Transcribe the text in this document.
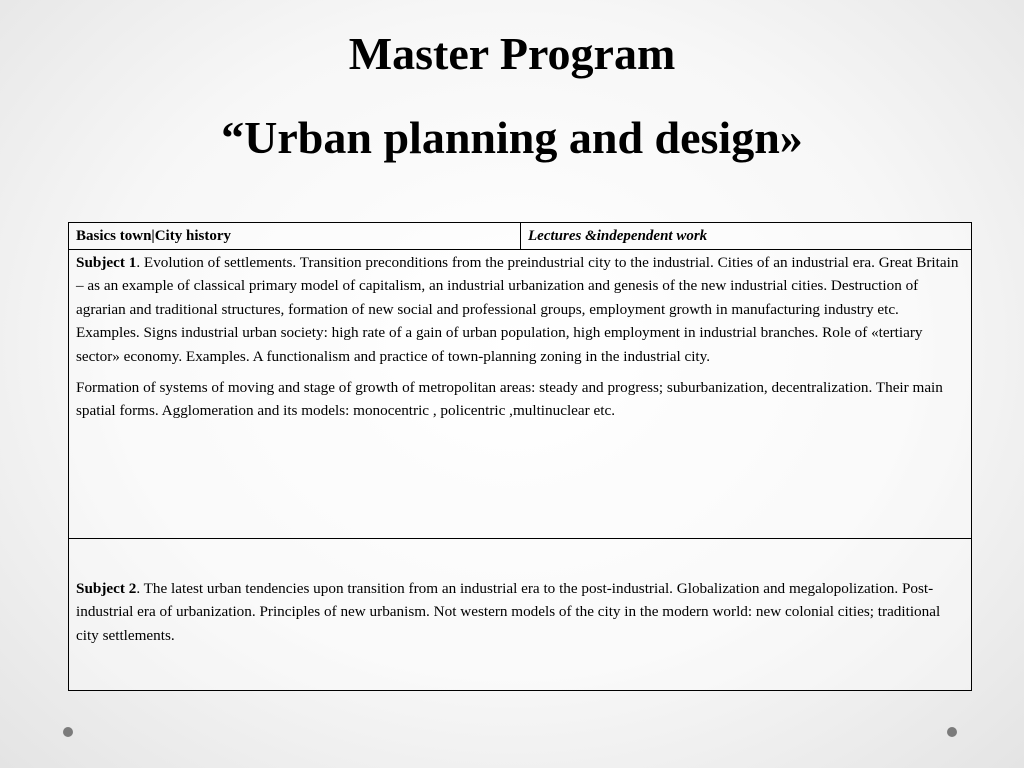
Master Program
“Urban planning and design»
Basics town|City history	Lectures &independent work

Subject 1. Evolution of settlements. Transition preconditions from the preindustrial city to the industrial. Cities of an industrial era. Great Britain – as an example of classical primary model of capitalism, an industrial urbanization and genesis of the new industrial cities. Destruction of agrarian and traditional structures, formation of new social and professional groups, employment growth in manufacturing industry etc. Examples. Signs industrial urban society: high rate of a gain of urban population, high employment in industrial branches. Role of «tertiary sector» economy. Examples. A functionalism and practice of town-planning zoning in the industrial city.

Formation of systems of moving and stage of growth of metropolitan areas: steady and progress; suburbanization, decentralization. Their main spatial forms. Agglomeration and its models: monocentric , policentric ,multinuclear etc.

Subject 2. The latest urban tendencies upon transition from an industrial era to the post-industrial. Globalization and megalopolization. Post-industrial era of urbanization. Principles of new urbanism. Not western models of the city in the modern world: new colonial cities; traditional city settlements.
